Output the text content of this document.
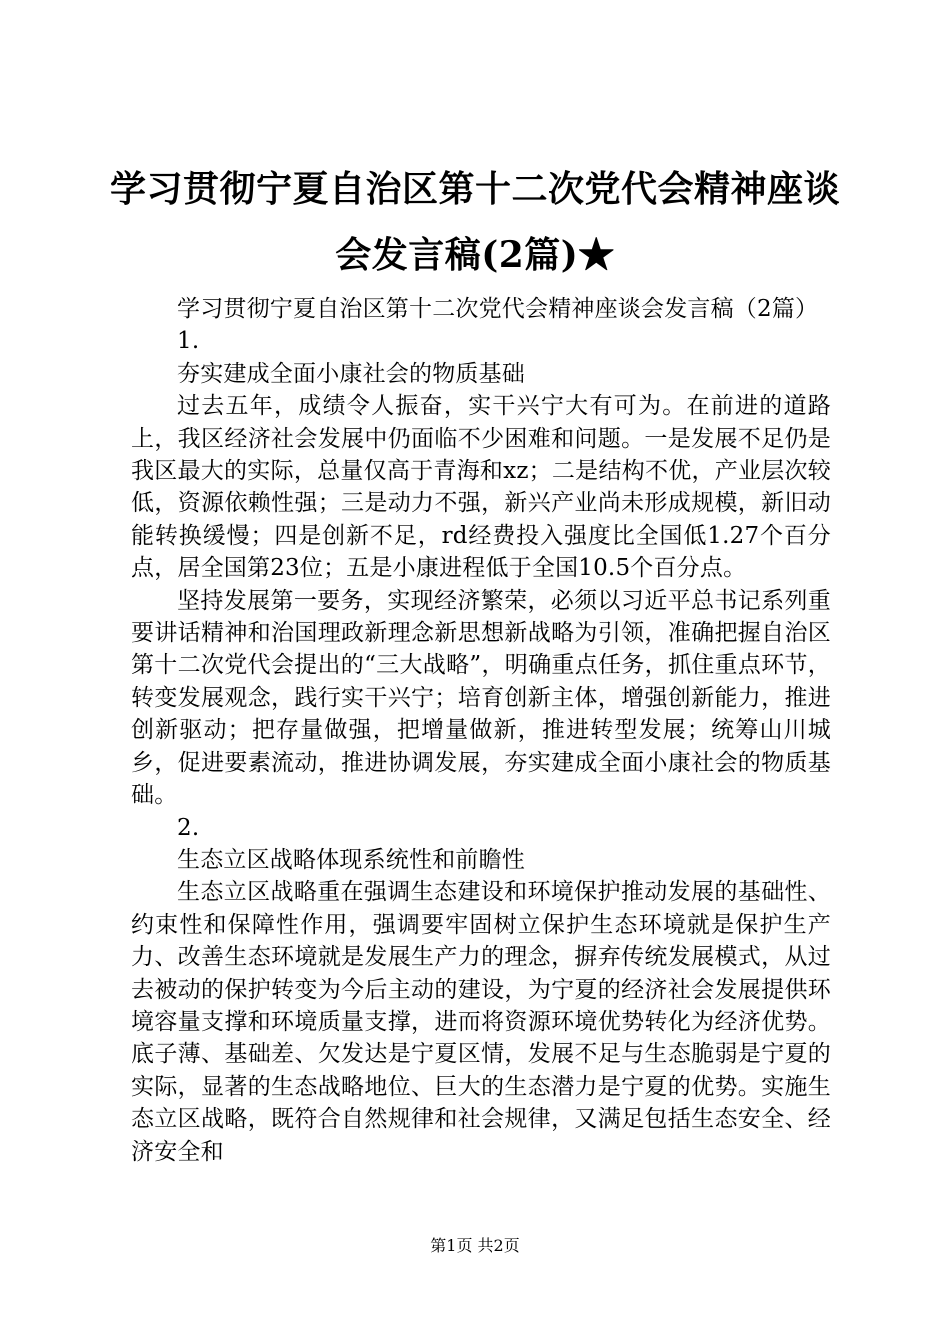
学习贯彻宁夏自治区第十二次党代会精神座谈会发言稿(2篇)★

学习贯彻宁夏自治区第十二次党代会精神座谈会发言稿（2篇）

1.

夯实建成全面小康社会的物质基础

过去五年，成绩令人振奋，实干兴宁大有可为。在前进的道路上，我区经济社会发展中仍面临不少困难和问题。一是发展不足仍是我区最大的实际，总量仅高于青海和xz；二是结构不优，产业层次较低，资源依赖性强；三是动力不强，新兴产业尚未形成规模，新旧动能转换缓慢；四是创新不足，rd经费投入强度比全国低1.27个百分点，居全国第23位；五是小康进程低于全国10.5个百分点。

坚持发展第一要务，实现经济繁荣，必须以习近平总书记系列重要讲话精神和治国理政新理念新思想新战略为引领，准确把握自治区第十二次党代会提出的“三大战略”，明确重点任务，抓住重点环节，转变发展观念，践行实干兴宁；培育创新主体，增强创新能力，推进创新驱动；把存量做强，把增量做新，推进转型发展；统筹山川城乡，促进要素流动，推进协调发展，夯实建成全面小康社会的物质基础。

2.

生态立区战略体现系统性和前瞻性

生态立区战略重在强调生态建设和环境保护推动发展的基础性、约束性和保障性作用，强调要牢固树立保护生态环境就是保护生产力、改善生态环境就是发展生产力的理念，摒弃传统发展模式，从过去被动的保护转变为今后主动的建设，为宁夏的经济社会发展提供环境容量支撑和环境质量支撑，进而将资源环境优势转化为经济优势。底子薄、基础差、欠发达是宁夏区情，发展不足与生态脆弱是宁夏的实际，显著的生态战略地位、巨大的生态潜力是宁夏的优势。实施生态立区战略，既符合自然规律和社会规律，又满足包括生态安全、经济安全和

第1页 共2页
